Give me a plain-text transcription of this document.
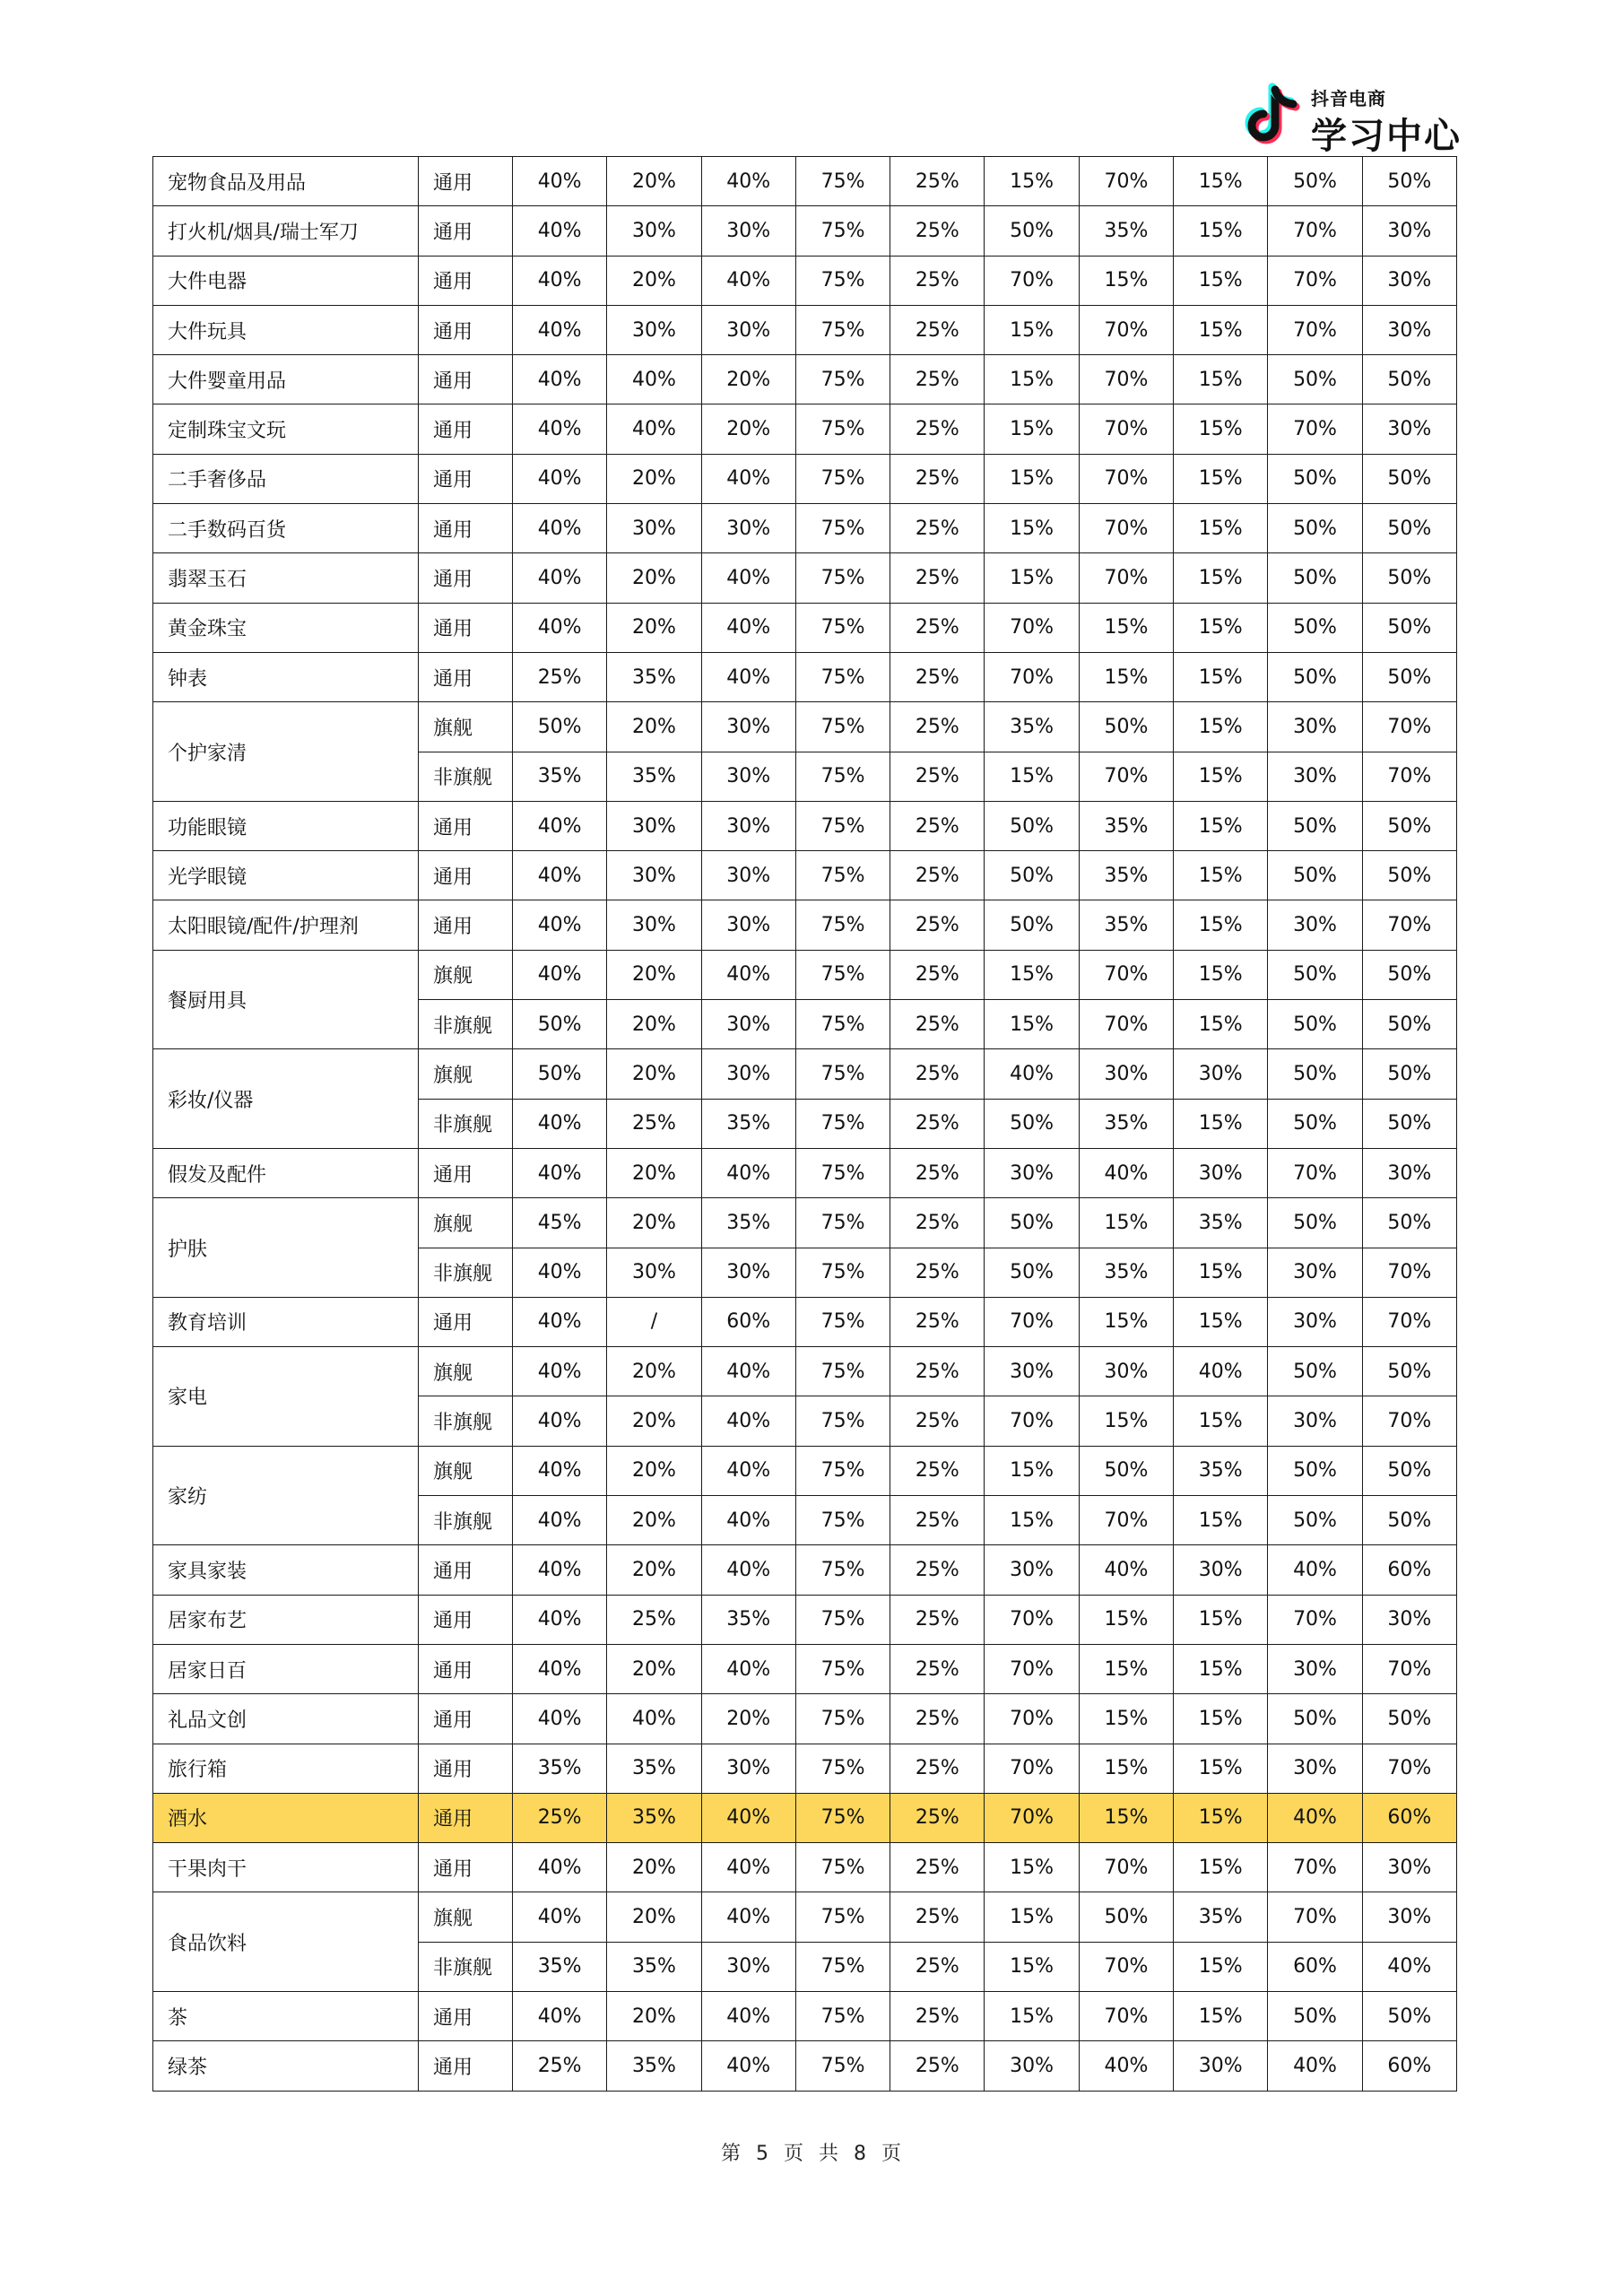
抖音电商
学习中心
宠物食品及用品	通用	40%	20%	40%	75%	25%	15%	70%	15%	50%	50%
打火机/烟具/瑞士军刀	通用	40%	30%	30%	75%	25%	50%	35%	15%	70%	30%
大件电器	通用	40%	20%	40%	75%	25%	70%	15%	15%	70%	30%
大件玩具	通用	40%	30%	30%	75%	25%	15%	70%	15%	70%	30%
大件婴童用品	通用	40%	40%	20%	75%	25%	15%	70%	15%	50%	50%
定制珠宝文玩	通用	40%	40%	20%	75%	25%	15%	70%	15%	70%	30%
二手奢侈品	通用	40%	20%	40%	75%	25%	15%	70%	15%	50%	50%
二手数码百货	通用	40%	30%	30%	75%	25%	15%	70%	15%	50%	50%
翡翠玉石	通用	40%	20%	40%	75%	25%	15%	70%	15%	50%	50%
黄金珠宝	通用	40%	20%	40%	75%	25%	70%	15%	15%	50%	50%
钟表	通用	25%	35%	40%	75%	25%	70%	15%	15%	50%	50%
个护家清	旗舰	50%	20%	30%	75%	25%	35%	50%	15%	30%	70%
	非旗舰	35%	35%	30%	75%	25%	15%	70%	15%	30%	70%
功能眼镜	通用	40%	30%	30%	75%	25%	50%	35%	15%	50%	50%
光学眼镜	通用	40%	30%	30%	75%	25%	50%	35%	15%	50%	50%
太阳眼镜/配件/护理剂	通用	40%	30%	30%	75%	25%	50%	35%	15%	30%	70%
餐厨用具	旗舰	40%	20%	40%	75%	25%	15%	70%	15%	50%	50%
	非旗舰	50%	20%	30%	75%	25%	15%	70%	15%	50%	50%
彩妆/仪器	旗舰	50%	20%	30%	75%	25%	40%	30%	30%	50%	50%
	非旗舰	40%	25%	35%	75%	25%	50%	35%	15%	50%	50%
假发及配件	通用	40%	20%	40%	75%	25%	30%	40%	30%	70%	30%
护肤	旗舰	45%	20%	35%	75%	25%	50%	15%	35%	50%	50%
	非旗舰	40%	30%	30%	75%	25%	50%	35%	15%	30%	70%
教育培训	通用	40%	/	60%	75%	25%	70%	15%	15%	30%	70%
家电	旗舰	40%	20%	40%	75%	25%	30%	30%	40%	50%	50%
	非旗舰	40%	20%	40%	75%	25%	70%	15%	15%	30%	70%
家纺	旗舰	40%	20%	40%	75%	25%	15%	50%	35%	50%	50%
	非旗舰	40%	20%	40%	75%	25%	15%	70%	15%	50%	50%
家具家装	通用	40%	20%	40%	75%	25%	30%	40%	30%	40%	60%
居家布艺	通用	40%	25%	35%	75%	25%	70%	15%	15%	70%	30%
居家日百	通用	40%	20%	40%	75%	25%	70%	15%	15%	30%	70%
礼品文创	通用	40%	40%	20%	75%	25%	70%	15%	15%	50%	50%
旅行箱	通用	35%	35%	30%	75%	25%	70%	15%	15%	30%	70%
酒水	通用	25%	35%	40%	75%	25%	70%	15%	15%	40%	60%
干果肉干	通用	40%	20%	40%	75%	25%	15%	70%	15%	70%	30%
食品饮料	旗舰	40%	20%	40%	75%	25%	15%	50%	35%	70%	30%
	非旗舰	35%	35%	30%	75%	25%	15%	70%	15%	60%	40%
茶	通用	40%	20%	40%	75%	25%	15%	70%	15%	50%	50%
绿茶	通用	25%	35%	40%	75%	25%	30%	40%	30%	40%	60%
第 5 页 共 8 页
